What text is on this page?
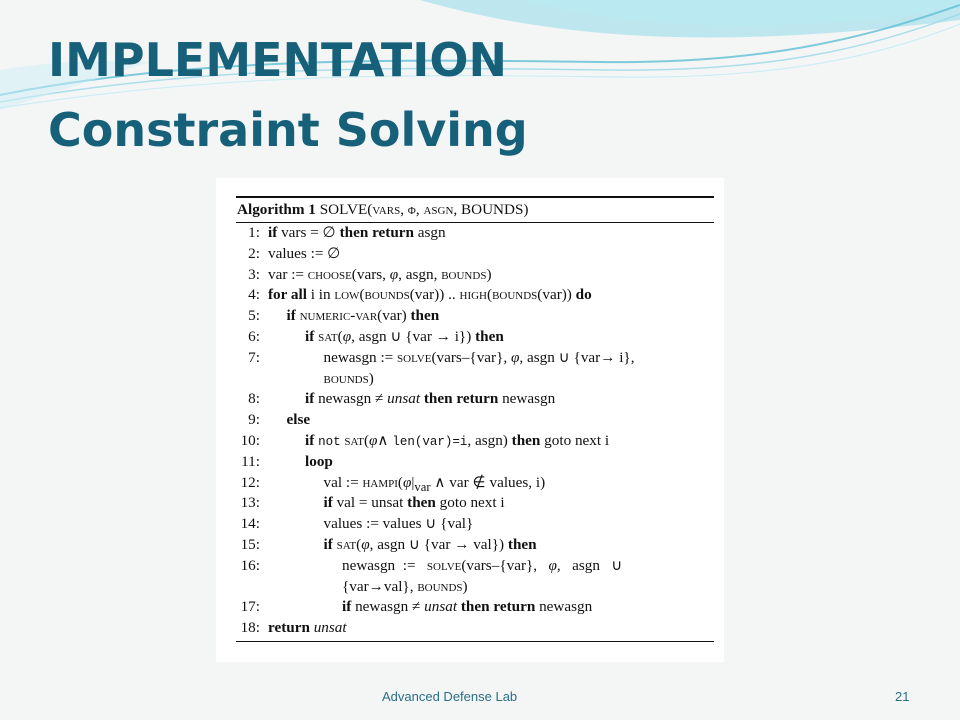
IMPLEMENTATION
Constraint Solving
Algorithm 1 SOLVE(vars, φ, asgn, BOUNDS)
1: if vars = ∅ then return asgn
2: values := ∅
3: var := choose(vars, φ, asgn, bounds)
4: for all i in low(bounds(var)) .. high(bounds(var)) do
5: if numeric-var(var) then
6:	if sat(φ, asgn ∪ {var → i}) then
7:	newasgn := solve(vars–{var}, φ, asgn ∪ {var→ i},
bounds)
8:	if newasgn ≠ unsat then return newasgn
9: else
10:	if not sat(φ∧ len(var)=i, asgn) then goto next i
11:	loop
12:	val := $hampi(\varphi|_{var}$ ∧ var ∉ values, i)
13:	if val = unsat then goto next i
14:	values := values ∪ {val}
15:	if sat(φ, asgn ∪ {var → val}) then
16:	newasgn  :=   solve(vars–{var},   φ,   asgn   ∪
{var→val}, bounds)
17:	if newasgn ≠ unsat then return newasgn
18: return unsat
Advanced Defense Lab	21
